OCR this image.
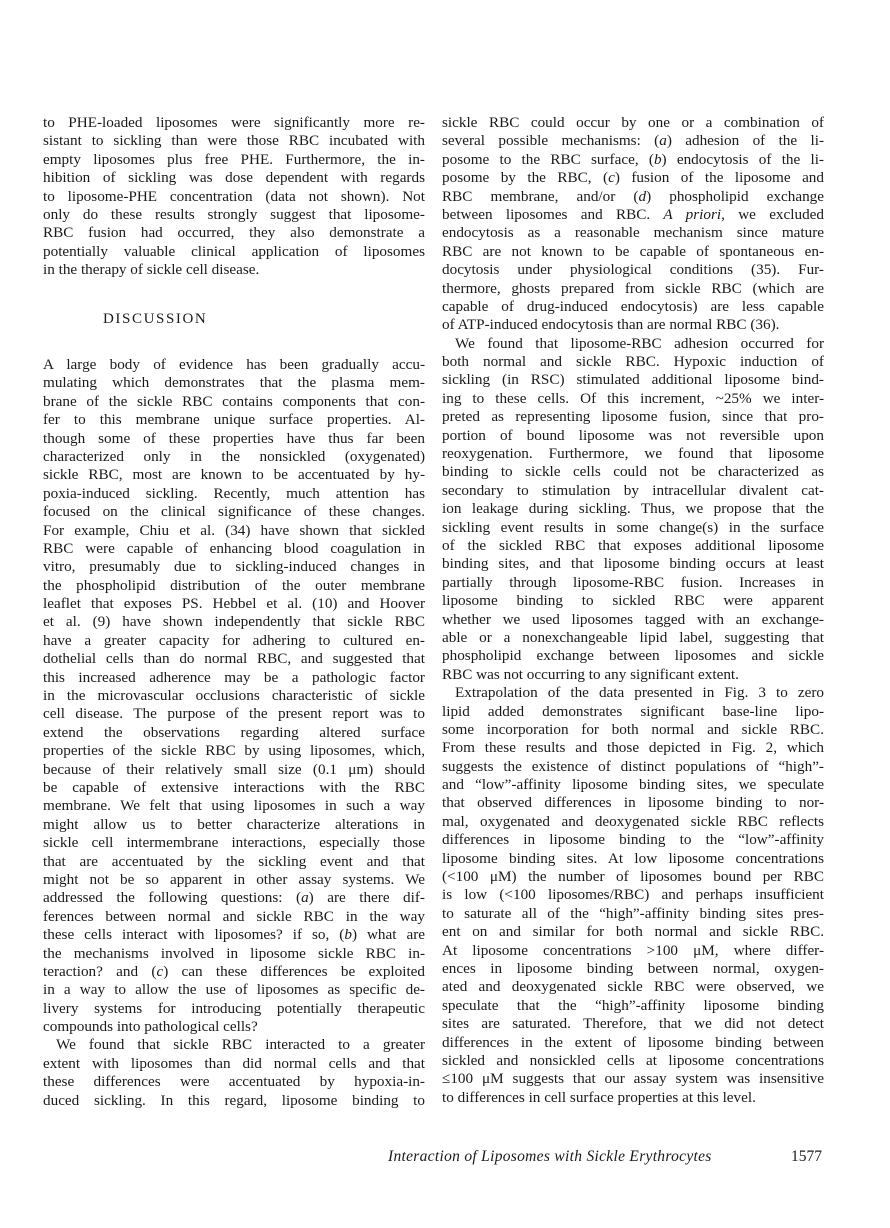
to PHE-loaded liposomes were significantly more re-
sistant to sickling than were those RBC incubated with
empty liposomes plus free PHE. Furthermore, the in-
hibition of sickling was dose dependent with regards
to liposome-PHE concentration (data not shown). Not
only do these results strongly suggest that liposome-
RBC fusion had occurred, they also demonstrate a
potentially valuable clinical application of liposomes
in the therapy of sickle cell disease.
DISCUSSION
A large body of evidence has been gradually accu-
mulating which demonstrates that the plasma mem-
brane of the sickle RBC contains components that con-
fer to this membrane unique surface properties. Al-
though some of these properties have thus far been
characterized only in the nonsickled (oxygenated)
sickle RBC, most are known to be accentuated by hy-
poxia-induced sickling. Recently, much attention has
focused on the clinical significance of these changes.
For example, Chiu et al. (34) have shown that sickled
RBC were capable of enhancing blood coagulation in
vitro, presumably due to sickling-induced changes in
the phospholipid distribution of the outer membrane
leaflet that exposes PS. Hebbel et al. (10) and Hoover
et al. (9) have shown independently that sickle RBC
have a greater capacity for adhering to cultured en-
dothelial cells than do normal RBC, and suggested that
this increased adherence may be a pathologic factor
in the microvascular occlusions characteristic of sickle
cell disease. The purpose of the present report was to
extend the observations regarding altered surface
properties of the sickle RBC by using liposomes, which,
because of their relatively small size (0.1 μm) should
be capable of extensive interactions with the RBC
membrane. We felt that using liposomes in such a way
might allow us to better characterize alterations in
sickle cell intermembrane interactions, especially those
that are accentuated by the sickling event and that
might not be so apparent in other assay systems. We
addressed the following questions: (a) are there dif-
ferences between normal and sickle RBC in the way
these cells interact with liposomes? if so, (b) what are
the mechanisms involved in liposome sickle RBC in-
teraction? and (c) can these differences be exploited
in a way to allow the use of liposomes as specific de-
livery systems for introducing potentially therapeutic
compounds into pathological cells?
We found that sickle RBC interacted to a greater
extent with liposomes than did normal cells and that
these differences were accentuated by hypoxia-in-
duced sickling. In this regard, liposome binding to
sickle RBC could occur by one or a combination of
several possible mechanisms: (a) adhesion of the li-
posome to the RBC surface, (b) endocytosis of the li-
posome by the RBC, (c) fusion of the liposome and
RBC membrane, and/or (d) phospholipid exchange
between liposomes and RBC. A priori, we excluded
endocytosis as a reasonable mechanism since mature
RBC are not known to be capable of spontaneous en-
docytosis under physiological conditions (35). Fur-
thermore, ghosts prepared from sickle RBC (which are
capable of drug-induced endocytosis) are less capable
of ATP-induced endocytosis than are normal RBC (36).
We found that liposome-RBC adhesion occurred for
both normal and sickle RBC. Hypoxic induction of
sickling (in RSC) stimulated additional liposome bind-
ing to these cells. Of this increment, ~25% we inter-
preted as representing liposome fusion, since that pro-
portion of bound liposome was not reversible upon
reoxygenation. Furthermore, we found that liposome
binding to sickle cells could not be characterized as
secondary to stimulation by intracellular divalent cat-
ion leakage during sickling. Thus, we propose that the
sickling event results in some change(s) in the surface
of the sickled RBC that exposes additional liposome
binding sites, and that liposome binding occurs at least
partially through liposome-RBC fusion. Increases in
liposome binding to sickled RBC were apparent
whether we used liposomes tagged with an exchange-
able or a nonexchangeable lipid label, suggesting that
phospholipid exchange between liposomes and sickle
RBC was not occurring to any significant extent.
Extrapolation of the data presented in Fig. 3 to zero
lipid added demonstrates significant base-line lipo-
some incorporation for both normal and sickle RBC.
From these results and those depicted in Fig. 2, which
suggests the existence of distinct populations of “high”-
and “low”-affinity liposome binding sites, we speculate
that observed differences in liposome binding to nor-
mal, oxygenated and deoxygenated sickle RBC reflects
differences in liposome binding to the “low”-affinity
liposome binding sites. At low liposome concentrations
(<100 μM) the number of liposomes bound per RBC
is low (<100 liposomes/RBC) and perhaps insufficient
to saturate all of the “high”-affinity binding sites pres-
ent on and similar for both normal and sickle RBC.
At liposome concentrations >100 μM, where differ-
ences in liposome binding between normal, oxygen-
ated and deoxygenated sickle RBC were observed, we
speculate that the “high”-affinity liposome binding
sites are saturated. Therefore, that we did not detect
differences in the extent of liposome binding between
sickled and nonsickled cells at liposome concentrations
≤100 μM suggests that our assay system was insensitive
to differences in cell surface properties at this level.
Interaction of Liposomes with Sickle Erythrocytes	1577
